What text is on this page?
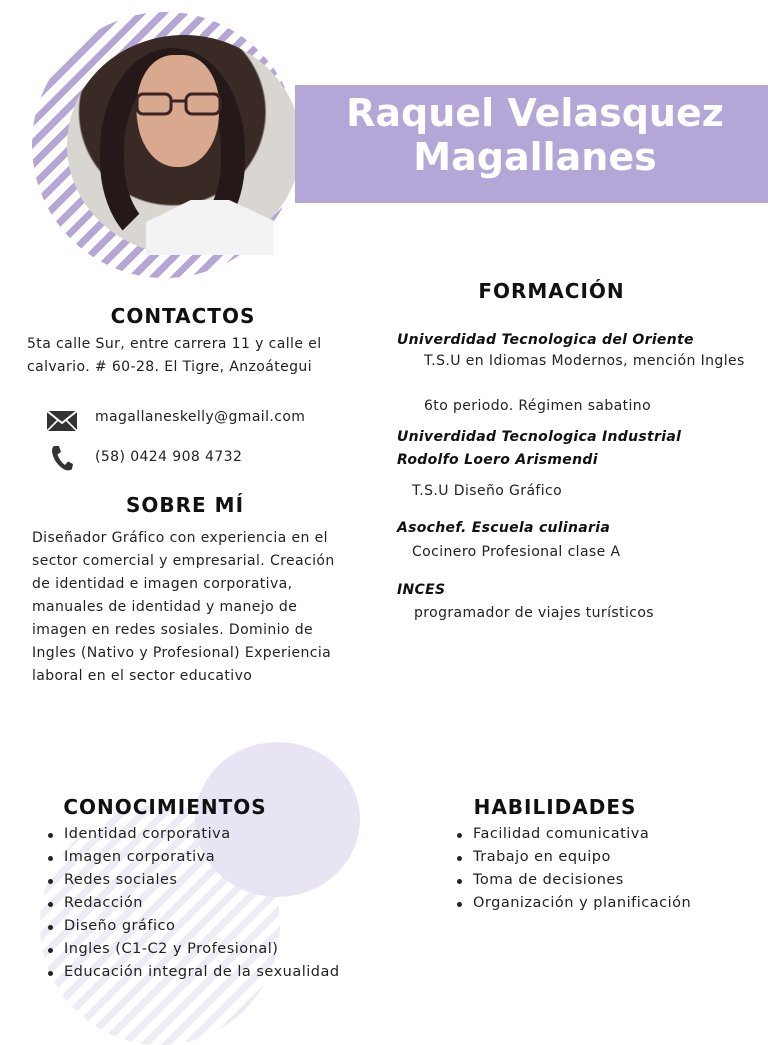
Raquel Velasquez
Magallanes
CONTACTOS
5ta calle Sur, entre carrera 11 y calle el calvario. # 60-28. El Tigre, Anzoátegui
magallaneskelly@gmail.com
(58) 0424 908 4732
SOBRE MÍ
Diseñador Gráfico con experiencia en el sector comercial y empresarial. Creación de identidad e imagen corporativa, manuales de identidad y manejo de imagen en redes sosiales. Dominio de Ingles (Nativo y Profesional) Experiencia laboral en el sector educativo
FORMACIÓN
Univerdidad Tecnologica del Oriente
T.S.U en Idiomas Modernos, mención Ingles
6to periodo. Régimen sabatino
Univerdidad Tecnologica Industrial Rodolfo Loero Arismendi
T.S.U Diseño Gráfico
Asochef. Escuela culinaria
Cocinero Profesional clase A
INCES
programador de viajes turísticos
CONOCIMIENTOS
Identidad corporativa
Imagen corporativa
Redes sociales
Redacción
Diseño gráfico
Ingles (C1-C2 y Profesional)
Educación integral de la sexualidad
HABILIDADES
Facilidad comunicativa
Trabajo en equipo
Toma de decisiones
Organización y planificación
